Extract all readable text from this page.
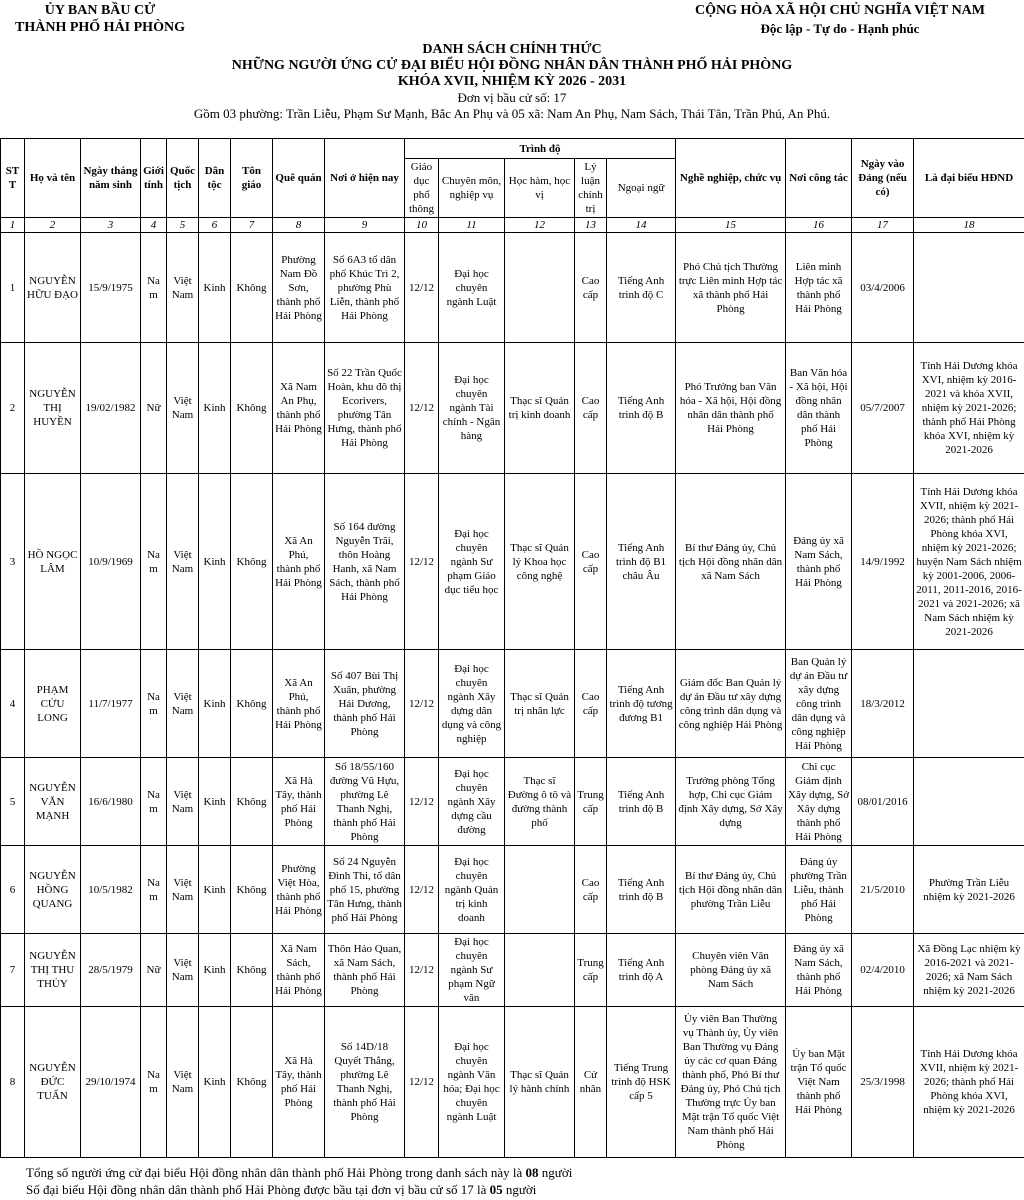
ỦY BAN BẦU CỬ
THÀNH PHỐ HẢI PHÒNG
CỘNG HÒA XÃ HỘI CHỦ NGHĨA VIỆT NAM
Độc lập - Tự do - Hạnh phúc
DANH SÁCH CHÍNH THỨC
NHỮNG NGƯỜI ỨNG CỬ ĐẠI BIỂU HỘI ĐỒNG NHÂN DÂN THÀNH PHỐ HẢI PHÒNG
KHÓA XVII, NHIỆM KỲ 2026 - 2031
Đơn vị bầu cử số: 17
Gồm 03 phường: Trần Liễu, Phạm Sư Mạnh, Bắc An Phụ và 05 xã: Nam An Phụ, Nam Sách, Thái Tân, Trần Phú, An Phú.
STT	Họ và tên	Ngày tháng năm sinh	Giới tính	Quốc tịch	Dân tộc	Tôn giáo	Quê quán	Nơi ở hiện nay	Trình độ					Nghề nghiệp, chức vụ	Nơi công tác	Ngày vào Đảng (nếu có)	Là đại biểu HĐND
									Giáo dục phổ thông	Chuyên môn, nghiệp vụ	Học hàm, học vị	Lý luận chính trị	Ngoại ngữ				
1	2	3	4	5	6	7	8	9	10	11	12	13	14	15	16	17	18
1	NGUYỄN HỮU ĐẠO	15/9/1975	Nam	Việt Nam	Kinh	Không	Phường Nam Đồ Sơn, thành phố Hải Phòng	Số 6A3 tổ dân phố Khúc Trì 2, phường Phù Liễn, thành phố Hải Phòng	12/12	Đại học chuyên ngành Luật		Cao cấp	Tiếng Anh trình độ C	Phó Chủ tịch Thường trực Liên minh Hợp tác xã thành phố Hải Phòng	Liên minh Hợp tác xã thành phố Hải Phòng	03/4/2006	
2	NGUYỄN THỊ HUYỀN	19/02/1982	Nữ	Việt Nam	Kinh	Không	Xã Nam An Phụ, thành phố Hải Phòng	Số 22 Trần Quốc Hoàn, khu đô thị Ecorivers, phường Tân Hưng, thành phố Hải Phòng	12/12	Đại học chuyên ngành Tài chính - Ngân hàng	Thạc sĩ Quản trị kinh doanh	Cao cấp	Tiếng Anh trình độ B	Phó Trưởng ban Văn hóa - Xã hội, Hội đồng nhân dân thành phố Hải Phòng	Ban Văn hóa - Xã hội, Hội đồng nhân dân thành phố Hải Phòng	05/7/2007	Tỉnh Hải Dương khóa XVI, nhiệm kỳ 2016-2021 và khóa XVII, nhiệm kỳ 2021-2026; thành phố Hải Phòng khóa XVI, nhiệm kỳ 2021-2026
3	HỒ NGỌC LÂM	10/9/1969	Nam	Việt Nam	Kinh	Không	Xã An Phú, thành phố Hải Phòng	Số 164 đường Nguyễn Trãi, thôn Hoàng Hanh, xã Nam Sách, thành phố Hải Phòng	12/12	Đại học chuyên ngành Sư phạm Giáo dục tiểu học	Thạc sĩ Quản lý Khoa học công nghệ	Cao cấp	Tiếng Anh trình độ B1 châu Âu	Bí thư Đảng ủy, Chủ tịch Hội đồng nhân dân xã Nam Sách	Đảng ủy xã Nam Sách, thành phố Hải Phòng	14/9/1992	Tỉnh Hải Dương khóa XVII, nhiệm kỳ 2021-2026; thành phố Hải Phòng khóa XVI, nhiệm kỳ 2021-2026; huyện Nam Sách nhiệm kỳ 2001-2006, 2006-2011, 2011-2016, 2016-2021 và 2021-2026; xã Nam Sách nhiệm kỳ 2021-2026
4	PHẠM CỬU LONG	11/7/1977	Nam	Việt Nam	Kinh	Không	Xã An Phú, thành phố Hải Phòng	Số 407 Bùi Thị Xuân, phường Hải Dương, thành phố Hải Phòng	12/12	Đại học chuyên ngành Xây dựng dân dụng và công nghiệp	Thạc sĩ Quản trị nhân lực	Cao cấp	Tiếng Anh trình độ tương đương B1	Giám đốc Ban Quản lý dự án Đầu tư xây dựng công trình dân dụng và công nghiệp Hải Phòng	Ban Quản lý dự án Đầu tư xây dựng công trình dân dụng và công nghiệp Hải Phòng	18/3/2012	
5	NGUYỄN VĂN MẠNH	16/6/1980	Nam	Việt Nam	Kinh	Không	Xã Hà Tây, thành phố Hải Phòng	Số 18/55/160 đường Vũ Hựu, phường Lê Thanh Nghị, thành phố Hải Phòng	12/12	Đại học chuyên ngành Xây dựng cầu đường	Thạc sĩ Đường ô tô và đường thành phố	Trung cấp	Tiếng Anh trình độ B	Trưởng phòng Tổng hợp, Chi cục Giám định Xây dựng, Sở Xây dựng	Chi cục Giám định Xây dựng, Sở Xây dựng thành phố Hải Phòng	08/01/2016	
6	NGUYỄN HỒNG QUANG	10/5/1982	Nam	Việt Nam	Kinh	Không	Phường Việt Hòa, thành phố Hải Phòng	Số 24 Nguyễn Đình Thi, tổ dân phố 15, phường Tân Hưng, thành phố Hải Phòng	12/12	Đại học chuyên ngành Quản trị kinh doanh		Cao cấp	Tiếng Anh trình độ B	Bí thư Đảng ủy, Chủ tịch Hội đồng nhân dân phường Trần Liễu	Đảng ủy phường Trần Liễu, thành phố Hải Phòng	21/5/2010	Phường Trần Liễu nhiệm kỳ 2021-2026
7	NGUYỄN THỊ THU THỦY	28/5/1979	Nữ	Việt Nam	Kinh	Không	Xã Nam Sách, thành phố Hải Phòng	Thôn Hảo Quan, xã Nam Sách, thành phố Hải Phòng	12/12	Đại học chuyên ngành Sư phạm Ngữ văn		Trung cấp	Tiếng Anh trình độ A	Chuyên viên Văn phòng Đảng ủy xã Nam Sách	Đảng ủy xã Nam Sách, thành phố Hải Phòng	02/4/2010	Xã Đồng Lạc nhiệm kỳ 2016-2021 và 2021-2026; xã Nam Sách nhiệm kỳ 2021-2026
8	NGUYỄN ĐỨC TUẤN	29/10/1974	Nam	Việt Nam	Kinh	Không	Xã Hà Tây, thành phố Hải Phòng	Số 14D/18 Quyết Thắng, phường Lê Thanh Nghị, thành phố Hải Phòng	12/12	Đại học chuyên ngành Văn hóa; Đại học chuyên ngành Luật	Thạc sĩ Quản lý hành chính	Cử nhân	Tiếng Trung trình độ HSK cấp 5	Ủy viên Ban Thường vụ Thành ủy, Ủy viên Ban Thường vụ Đảng ủy các cơ quan Đảng thành phố, Phó Bí thư Đảng ủy, Phó Chủ tịch Thường trực Ủy ban Mặt trận Tổ quốc Việt Nam thành phố Hải Phòng	Ủy ban Mặt trận Tổ quốc Việt Nam thành phố Hải Phòng	25/3/1998	Tỉnh Hải Dương khóa XVII, nhiệm kỳ 2021-2026; thành phố Hải Phòng khóa XVI, nhiệm kỳ 2021-2026
Tổng số người ứng cử đại biểu Hội đồng nhân dân thành phố Hải Phòng trong danh sách này là 08 người
Số đại biểu Hội đồng nhân dân thành phố Hải Phòng được bầu tại đơn vị bầu cử số 17 là 05 người
